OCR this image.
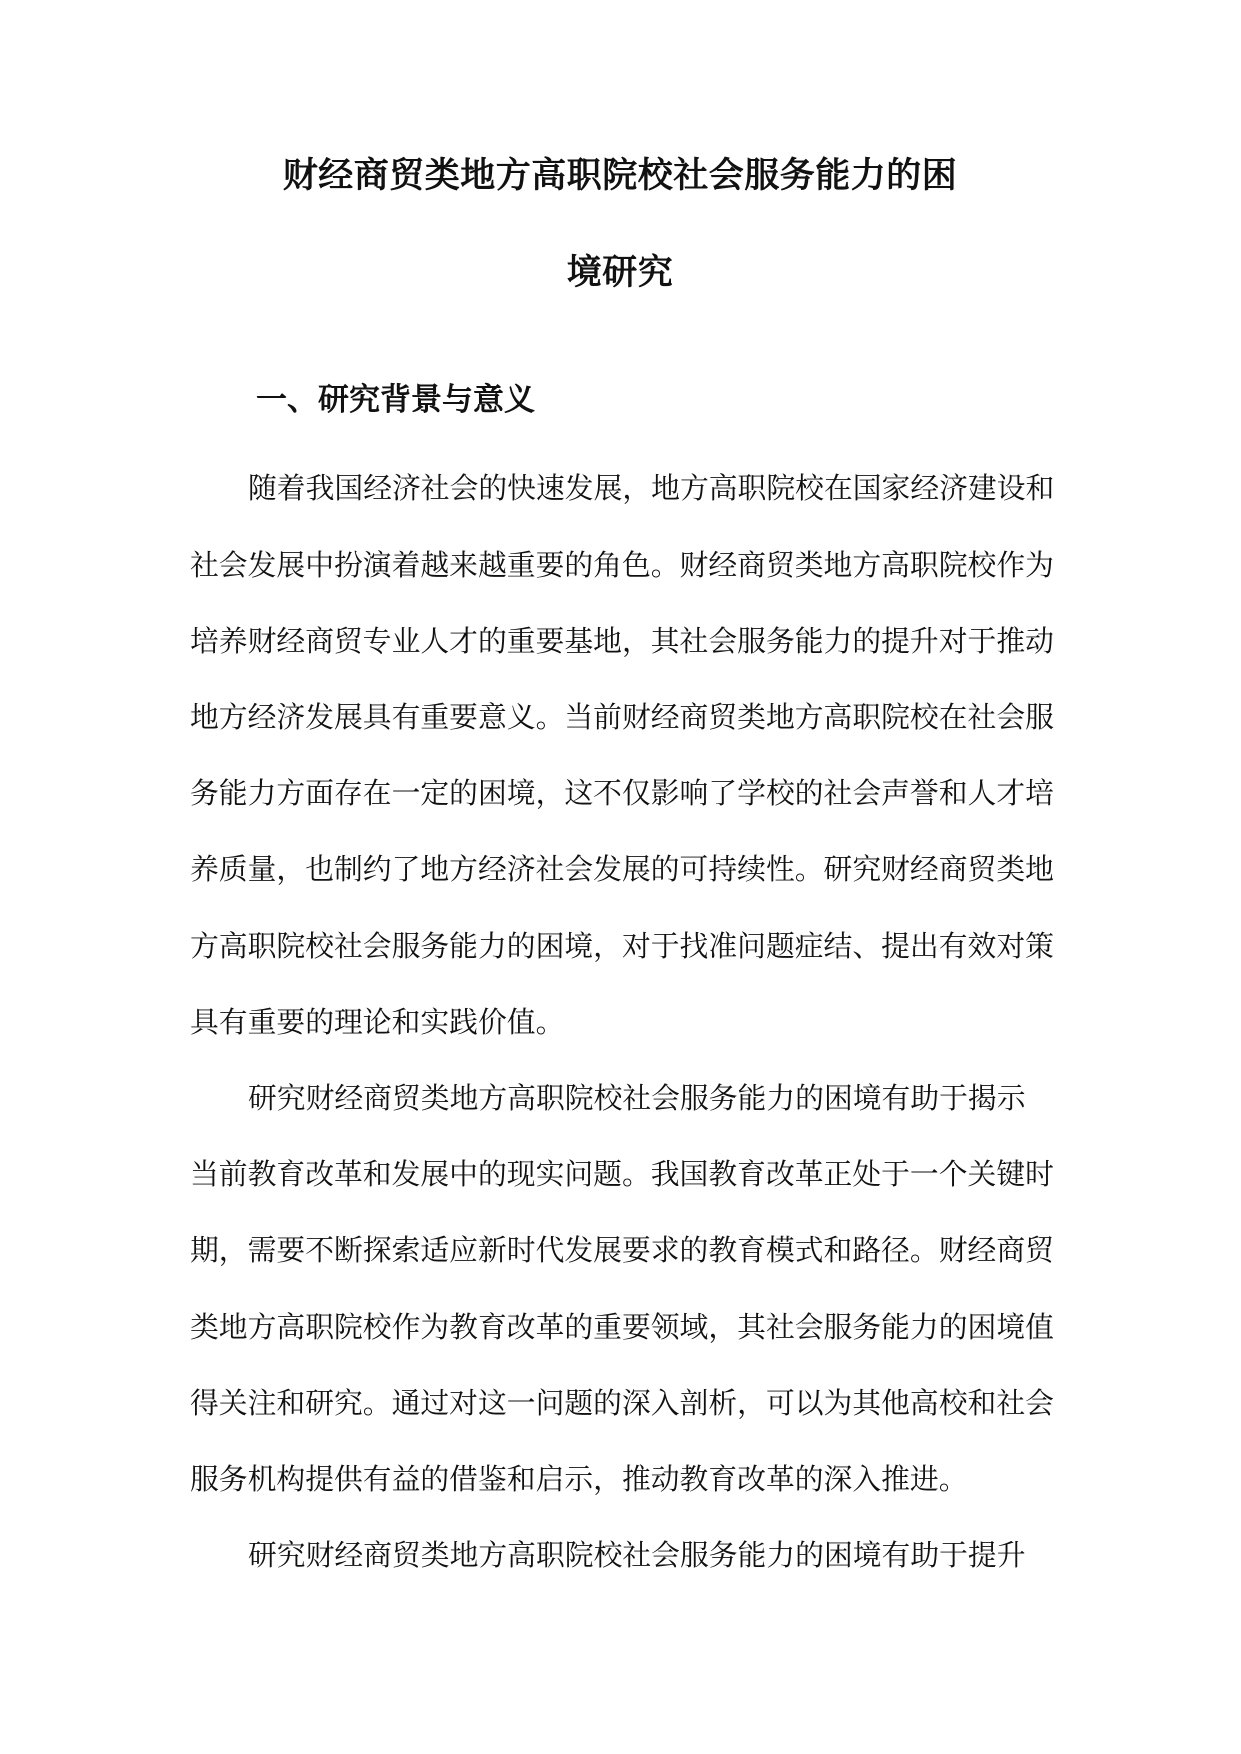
财经商贸类地方高职院校社会服务能力的困
境研究
一、研究背景与意义

随着我国经济社会的快速发展，地方高职院校在国家经济建设和

社会发展中扮演着越来越重要的角色。财经商贸类地方高职院校作为

培养财经商贸专业人才的重要基地，其社会服务能力的提升对于推动

地方经济发展具有重要意义。当前财经商贸类地方高职院校在社会服

务能力方面存在一定的困境，这不仅影响了学校的社会声誉和人才培

养质量，也制约了地方经济社会发展的可持续性。研究财经商贸类地

方高职院校社会服务能力的困境，对于找准问题症结、提出有效对策

具有重要的理论和实践价值。

研究财经商贸类地方高职院校社会服务能力的困境有助于揭示

当前教育改革和发展中的现实问题。我国教育改革正处于一个关键时

期，需要不断探索适应新时代发展要求的教育模式和路径。财经商贸

类地方高职院校作为教育改革的重要领域，其社会服务能力的困境值

得关注和研究。通过对这一问题的深入剖析，可以为其他高校和社会

服务机构提供有益的借鉴和启示，推动教育改革的深入推进。

研究财经商贸类地方高职院校社会服务能力的困境有助于提升
